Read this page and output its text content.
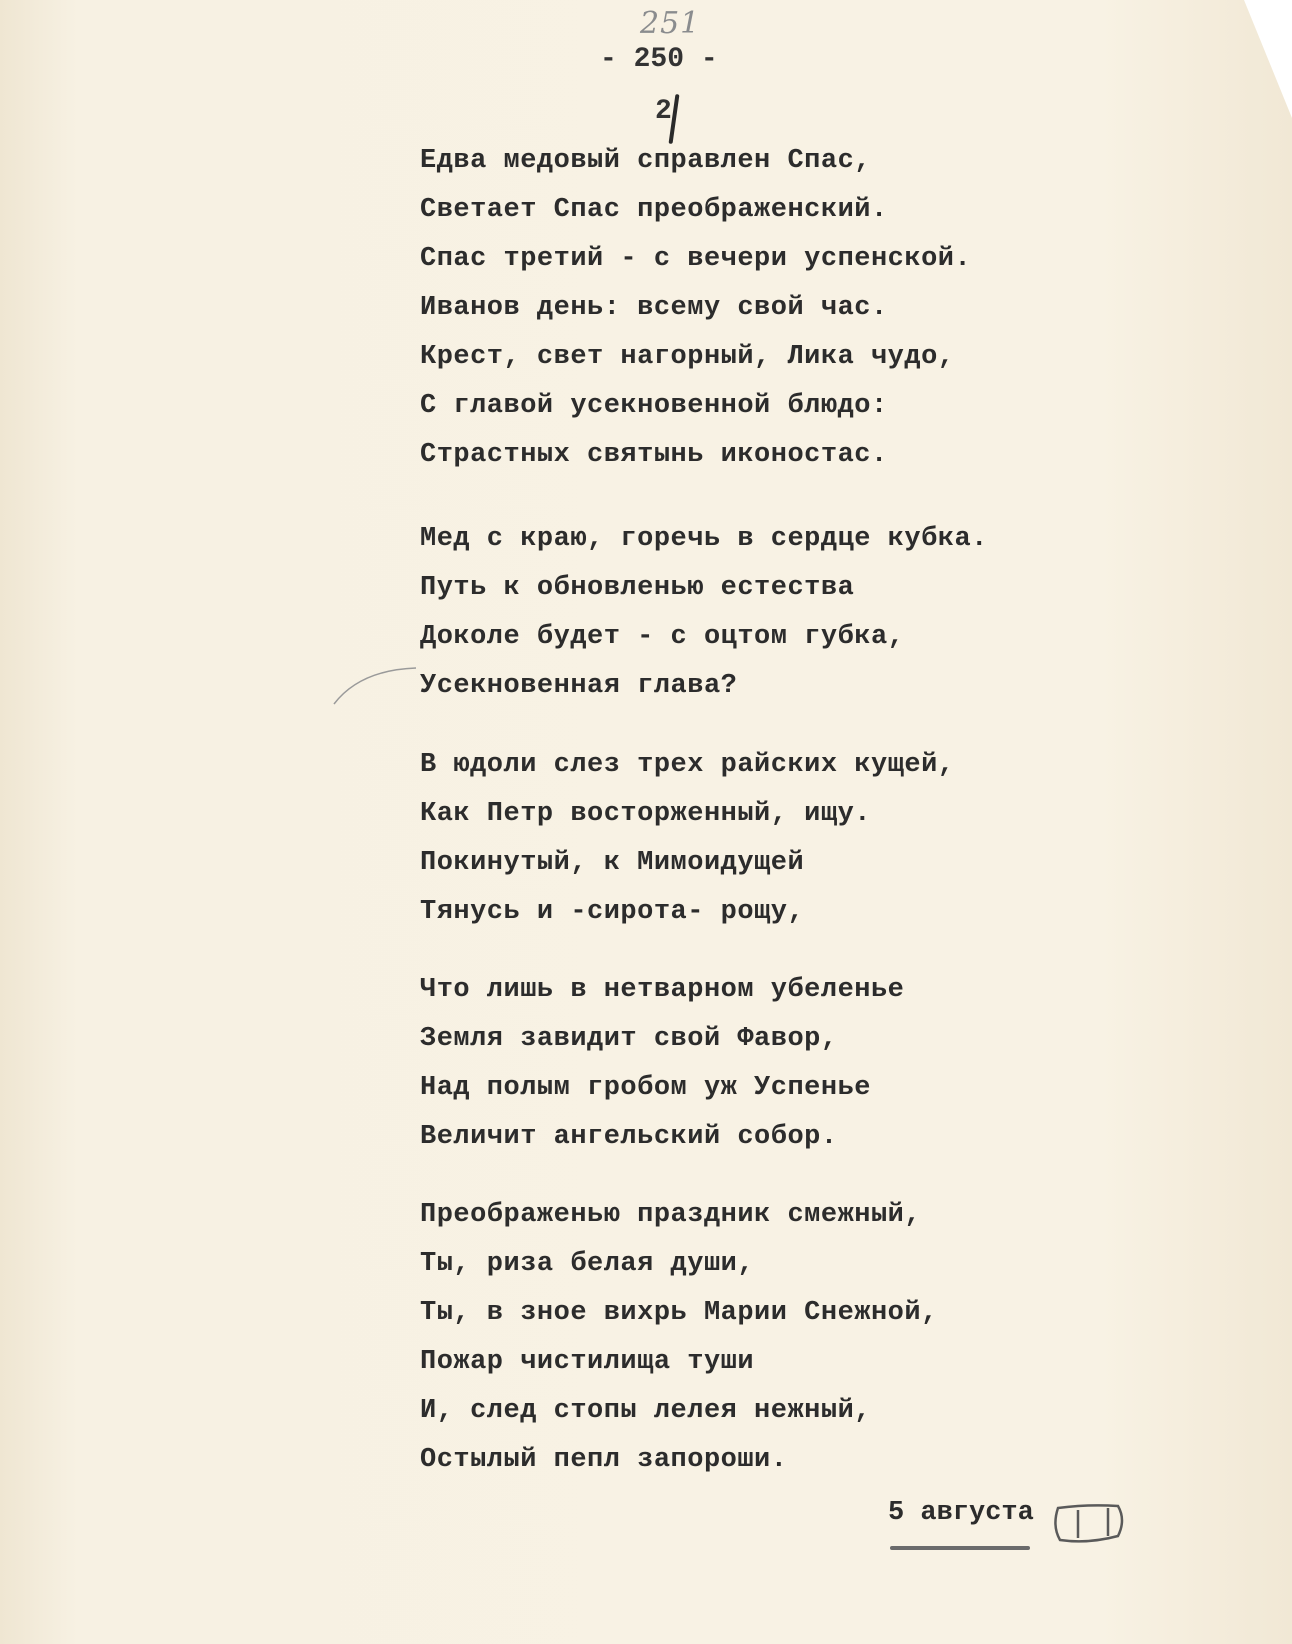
251
- 250 -
2
Едва медовый справлен Спас,
Светает Спас преображенский.
Спас третий - с вечери успенской.
Иванов день: всему свой час.
Крест, свет нагорный, Лика чудо,
С главой усекновенной блюдо:
Страстных святынь иконостас.
Мед с краю, горечь в сердце кубка.
Путь к обновленью естества
Доколе будет - с оцтом губка,
Усекновенная глава?
В юдоли слез трех райских кущей,
Как Петр восторженный, ищу.
Покинутый, к Мимоидущей
Тянусь и -сирота- рощу,
Что лишь в нетварном убеленье
Земля завидит свой Фавор,
Над полым гробом уж Успенье
Величит ангельский собор.
Преображенью праздник смежный,
Ты, риза белая души,
Ты, в зное вихрь Марии Снежной,
Пожар чистилища туши
И, след стопы лелея нежный,
Остылый пепл запороши.
5 августа
